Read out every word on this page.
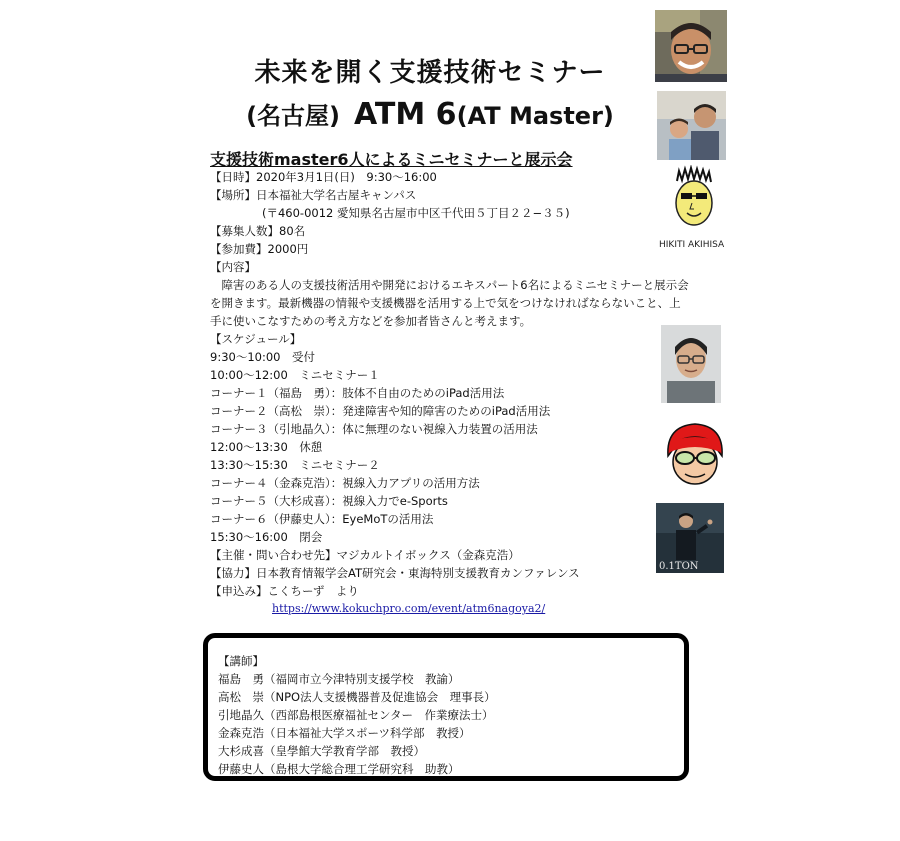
未来を開く支援技術セミナー
(名古屋) ATM 6(AT Master)
支援技術master6人によるミニセミナーと展示会
【日時】2020年3月1日(日)　9:30〜16:00
【場所】日本福祉大学名古屋キャンパス
(〒460-0012 愛知県名古屋市中区千代田５丁目２２−３５)
【募集人数】80名
【参加費】2000円
【内容】
障害のある人の支援技術活用や開発におけるエキスパート6名によるミニセミナーと展示会を開きます。最新機器の情報や支援機器を活用する上で気をつけなければならないこと、上手に使いこなすための考え方などを参加者皆さんと考えます。
【スケジュール】
9:30〜10:00　受付
10:00〜12:00　ミニセミナー１
コーナー１（福島　勇）：肢体不自由のためのiPad活用法
コーナー２（高松　崇）：発達障害や知的障害のためのiPad活用法
コーナー３（引地晶久）：体に無理のない視線入力装置の活用法
12:00〜13:30　休憩
13:30〜15:30　ミニセミナー２
コーナー４（金森克浩）：視線入力アプリの活用方法
コーナー５（大杉成喜）：視線入力でe-Sports
コーナー６（伊藤史人）：EyeMoTの活用法
15:30〜16:00　閉会
【主催・問い合わせ先】マジカルトイボックス（金森克浩）
【協力】日本教育情報学会AT研究会・東海特別支援教育カンファレンス
【申込み】こくちーず　より
https://www.kokuchpro.com/event/atm6nagoya2/
【講師】
福島　勇（福岡市立今津特別支援学校　教諭）
高松　崇（NPO法人支援機器普及促進協会　理事長）
引地晶久（西部島根医療福祉センター　作業療法士）
金森克浩（日本福祉大学スポーツ科学部　教授）
大杉成喜（皇學館大学教育学部　教授）
伊藤史人（島根大学総合理工学研究科　助教）
HIKITI AKIHISA
0.1TON
